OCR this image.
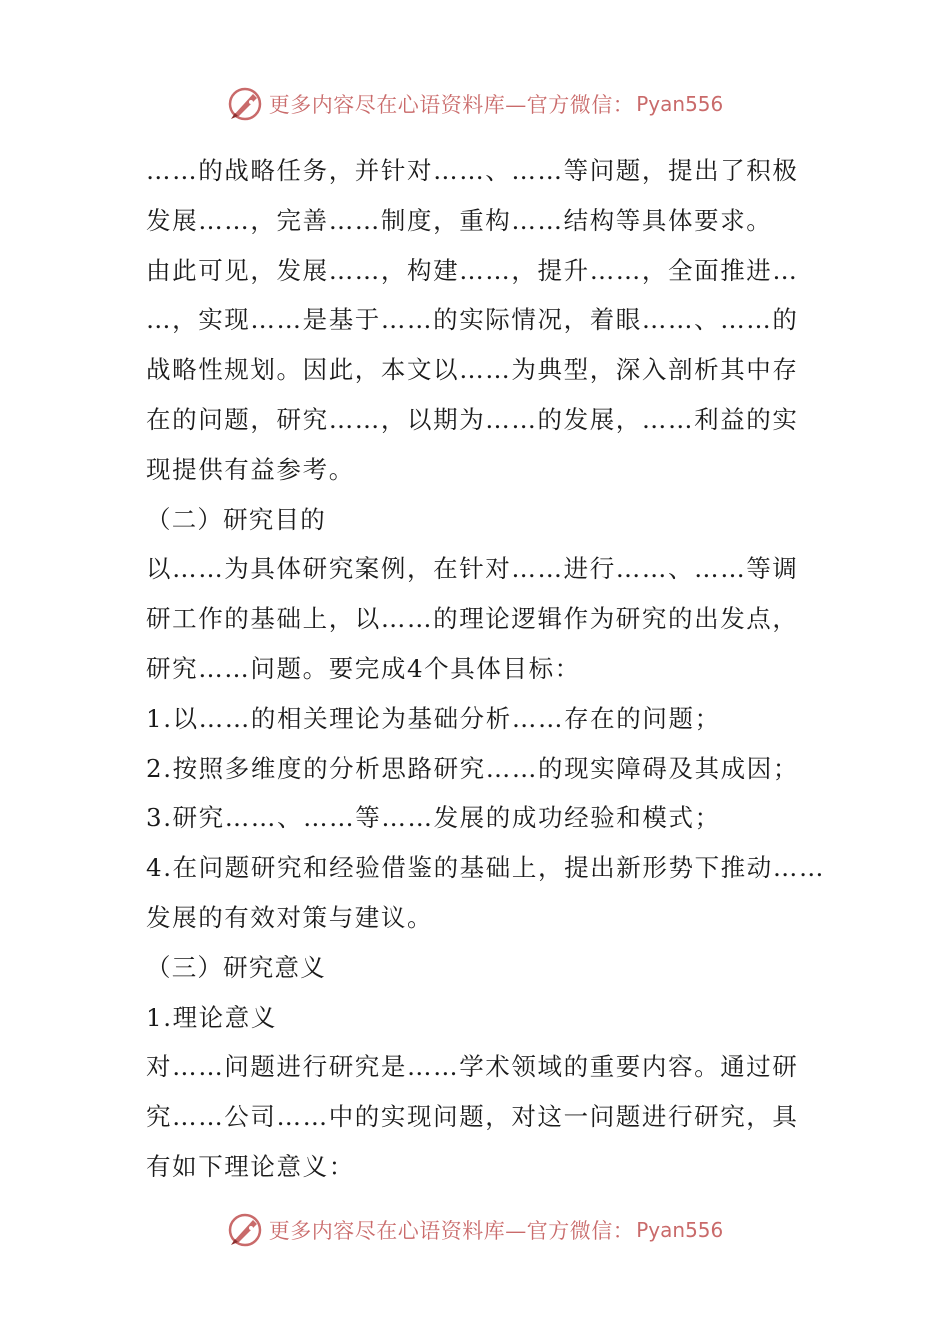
更多内容尽在心语资料库—官方微信： Pyan556
……的战略任务，并针对……、……等问题，提出了积极
发展……，完善……制度，重构……结构等具体要求。
由此可见，发展……，构建……，提升……，全面推进…
…，实现……是基于……的实际情况，着眼……、……的
战略性规划。因此，本文以……为典型，深入剖析其中存
在的问题，研究……，以期为……的发展，……利益的实
现提供有益参考。
（二）研究目的
以……为具体研究案例，在针对……进行……、……等调
研工作的基础上，以……的理论逻辑作为研究的出发点，
研究……问题。要完成4个具体目标：
1.以……的相关理论为基础分析……存在的问题；
2.按照多维度的分析思路研究……的现实障碍及其成因；
3.研究……、……等……发展的成功经验和模式；
4.在问题研究和经验借鉴的基础上，提出新形势下推动……
发展的有效对策与建议。
（三）研究意义
1.理论意义
对……问题进行研究是……学术领域的重要内容。通过研
究……公司……中的实现问题，对这一问题进行研究，具
有如下理论意义：
更多内容尽在心语资料库—官方微信： Pyan556
